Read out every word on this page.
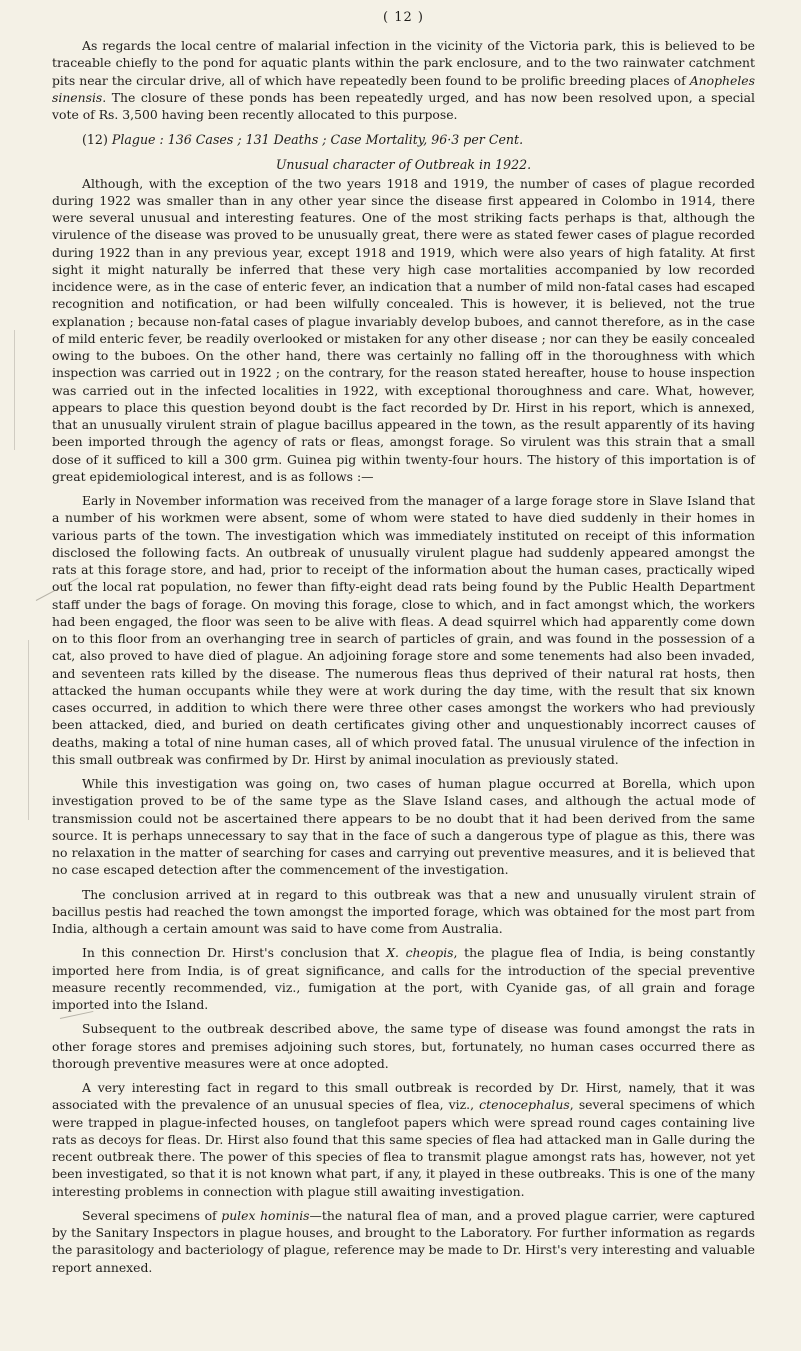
( 12 )

As regards the local centre of malarial infection in the vicinity of the Victoria park, this is believed to be traceable chiefly to the pond for aquatic plants within the park enclosure, and to the two rainwater catchment pits near the circular drive, all of which have repeatedly been found to be prolific breeding places of Anopheles sinensis. The closure of these ponds has been repeatedly urged, and has now been resolved upon, a special vote of Rs. 3,500 having been recently allocated to this purpose.

(12) Plague : 136 Cases ; 131 Deaths ; Case Mortality, 96·3 per Cent.
Unusual character of Outbreak in 1922.

Although, with the exception of the two years 1918 and 1919, the number of cases of plague recorded during 1922 was smaller than in any other year since the disease first appeared in Colombo in 1914, there were several unusual and interesting features. One of the most striking facts perhaps is that, although the virulence of the disease was proved to be unusually great, there were as stated fewer cases of plague recorded during 1922 than in any previous year, except 1918 and 1919, which were also years of high fatality. At first sight it might naturally be inferred that these very high case mortalities accompanied by low recorded incidence were, as in the case of enteric fever, an indication that a number of mild non-fatal cases had escaped recognition and notification, or had been wilfully concealed. This is however, it is believed, not the true explanation ; because non-fatal cases of plague invariably develop buboes, and cannot therefore, as in the case of mild enteric fever, be readily overlooked or mistaken for any other disease ; nor can they be easily concealed owing to the buboes. On the other hand, there was certainly no falling off in the thoroughness with which inspection was carried out in 1922 ; on the contrary, for the reason stated hereafter, house to house inspection was carried out in the infected localities in 1922, with exceptional thoroughness and care. What, however, appears to place this question beyond doubt is the fact recorded by Dr. Hirst in his report, which is annexed, that an unusually virulent strain of plague bacillus appeared in the town, as the result apparently of its having been imported through the agency of rats or fleas, amongst forage. So virulent was this strain that a small dose of it sufficed to kill a 300 grm. Guinea pig within twenty-four hours. The history of this importation is of great epidemiological interest, and is as follows :—

Early in November information was received from the manager of a large forage store in Slave Island that a number of his workmen were absent, some of whom were stated to have died suddenly in their homes in various parts of the town. The investigation which was immediately instituted on receipt of this information disclosed the following facts. An outbreak of unusually virulent plague had suddenly appeared amongst the rats at this forage store, and had, prior to receipt of the information about the human cases, practically wiped out the local rat population, no fewer than fifty-eight dead rats being found by the Public Health Department staff under the bags of forage. On moving this forage, close to which, and in fact amongst which, the workers had been engaged, the floor was seen to be alive with fleas. A dead squirrel which had apparently come down on to this floor from an overhanging tree in search of particles of grain, and was found in the possession of a cat, also proved to have died of plague. An adjoining forage store and some tenements had also been invaded, and seventeen rats killed by the disease. The numerous fleas thus deprived of their natural rat hosts, then attacked the human occupants while they were at work during the day time, with the result that six known cases occurred, in addition to which there were three other cases amongst the workers who had previously been attacked, died, and buried on death certificates giving other and unquestionably incorrect causes of deaths, making a total of nine human cases, all of which proved fatal. The unusual virulence of the infection in this small outbreak was confirmed by Dr. Hirst by animal inoculation as previously stated.

While this investigation was going on, two cases of human plague occurred at Borella, which upon investigation proved to be of the same type as the Slave Island cases, and although the actual mode of transmission could not be ascertained there appears to be no doubt that it had been derived from the same source. It is perhaps unnecessary to say that in the face of such a dangerous type of plague as this, there was no relaxation in the matter of searching for cases and carrying out preventive measures, and it is believed that no case escaped detection after the commencement of the investigation.

The conclusion arrived at in regard to this outbreak was that a new and unusually virulent strain of bacillus pestis had reached the town amongst the imported forage, which was obtained for the most part from India, although a certain amount was said to have come from Australia.

In this connection Dr. Hirst's conclusion that X. cheopis, the plague flea of India, is being constantly imported here from India, is of great significance, and calls for the introduction of the special preventive measure recently recommended, viz., fumigation at the port, with Cyanide gas, of all grain and forage imported into the Island.

Subsequent to the outbreak described above, the same type of disease was found amongst the rats in other forage stores and premises adjoining such stores, but, fortunately, no human cases occurred there as thorough preventive measures were at once adopted.

A very interesting fact in regard to this small outbreak is recorded by Dr. Hirst, namely, that it was associated with the prevalence of an unusual species of flea, viz., ctenocephalus, several specimens of which were trapped in plague-infected houses, on tanglefoot papers which were spread round cages containing live rats as decoys for fleas. Dr. Hirst also found that this same species of flea had attacked man in Galle during the recent outbreak there. The power of this species of flea to transmit plague amongst rats has, however, not yet been investigated, so that it is not known what part, if any, it played in these outbreaks. This is one of the many interesting problems in connection with plague still awaiting investigation.

Several specimens of pulex hominis—the natural flea of man, and a proved plague carrier, were captured by the Sanitary Inspectors in plague houses, and brought to the Laboratory. For further information as regards the parasitology and bacteriology of plague, reference may be made to Dr. Hirst's very interesting and valuable report annexed.
